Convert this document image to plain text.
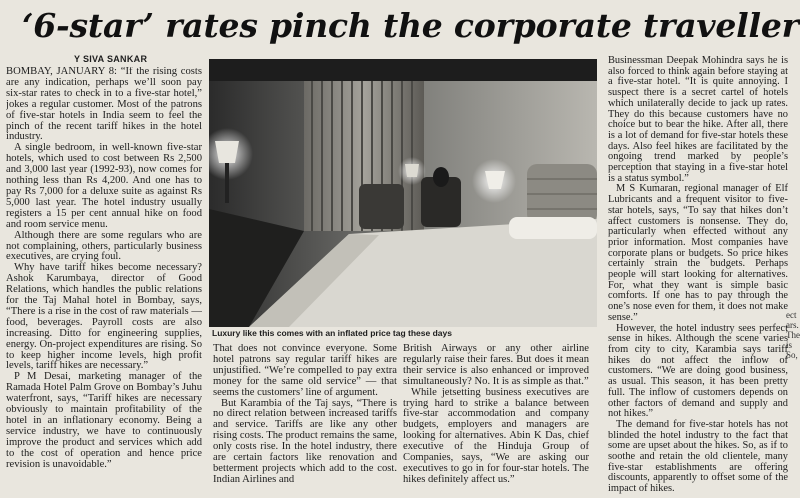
‘6-star’ rates pinch the corporate traveller
Y SIVA SANKAR

BOMBAY, JANUARY 8: “If the rising costs are any indication, perhaps we’ll soon pay six-star rates to check in to a five-star hotel,” jokes a regular customer. Most of the patrons of five-star hotels in India seem to feel the pinch of the recent tariff hikes in the hotel industry.

A single bedroom, in well-known five-star hotels, which used to cost between Rs 2,500 and 3,000 last year (1992-93), now comes for nothing less than Rs 4,200. And one has to pay Rs 7,000 for a deluxe suite as against Rs 5,000 last year. The hotel industry usually registers a 15 per cent annual hike on food and room service menu.

Although there are some regulars who are not complaining, others, particularly business executives, are crying foul.

Why have tariff hikes become necessary? Ashok Karumbaya, director of Good Relations, which handles the public relations for the Taj Mahal hotel in Bombay, says, “There is a rise in the cost of raw materials — food, beverages. Payroll costs are also increasing. Ditto for engineering supplies, energy. On-project expenditures are rising. So to keep higher income levels, high profit levels, tariff hikes are necessary.”

P M Desai, marketing manager of the Ramada Hotel Palm Grove on Bombay’s Juhu waterfront, says, “Tariff hikes are necessary obviously to maintain profitability of the hotel in an inflationary economy. Being a service industry, we have to continuously improve the product and services which add to the cost of operation and hence price revision is unavoidable.”

Luxury like this comes with an inflated price tag these days

That does not convince everyone. Some hotel patrons say regular tariff hikes are unjustified. “We’re compelled to pay extra money for the same old service” — that seems the customers’ line of argument.

But Karambia of the Taj says, “There is no direct relation between increased tariffs and service. Tariffs are like any other rising costs. The product remains the same, only costs rise. In the hotel industry, there are certain factors like renovation and betterment projects which add to the cost. Indian Airlines and

British Airways or any other airline regularly raise their fares. But does it mean their service is also enhanced or improved simultaneously? No. It is as simple as that.”

While jetsetting business executives are trying hard to strike a balance between five-star accommodation and company budgets, employers and managers are looking for alternatives. Abin K Das, chief executive of the Hinduja Group of Companies, says, “We are asking our executives to go in for four-star hotels. The hikes definitely affect us.”

Businessman Deepak Mohindra says he is also forced to think again before staying at a five-star hotel. “It is quite annoying. I suspect there is a secret cartel of hotels which unilaterally decide to jack up rates. They do this because customers have no choice but to bear the hike. After all, there is a lot of demand for five-star hotels these days. Also feel hikes are facilitated by the ongoing trend marked by people’s perception that staying in a five-star hotel is a status symbol.”

M S Kumaran, regional manager of Elf Lubricants and a frequent visitor to five-star hotels, says, “To say that hikes don’t affect customers is nonsense. They do, particularly when effected without any prior information. Most companies have corporate plans or budgets. So price hikes certainly strain the budgets. Perhaps people will start looking for alternatives. For, what they want is simple basic comforts. If one has to pay through the one’s nose even for them, it does not make sense.”

However, the hotel industry sees perfect sense in hikes. Although the scene varies from city to city, Karambia says tariff hikes do not affect the inflow of customers. “We are doing good business, as usual. This season, it has been pretty full. The inflow of customers depends on other factors of demand and supply and not hikes.”

The demand for five-star hotels has not blinded the hotel industry to the fact that some are upset about the hikes. So, as if to soothe and retain the old clientele, many five-star establishments are offering discounts, apparently to offset some of the impact of hikes.

ect
ars.
The
is
Sо,
